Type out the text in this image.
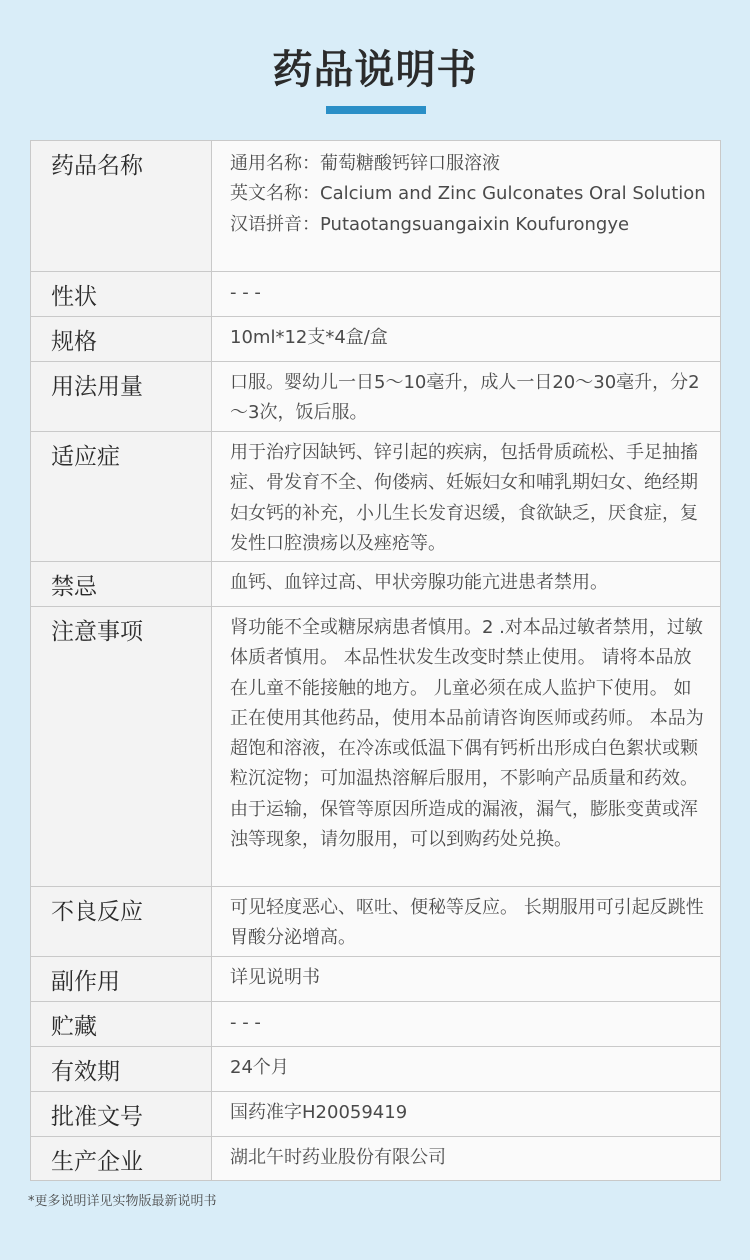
药品说明书
药品名称	通用名称：葡萄糖酸钙锌口服溶液
英文名称：Calcium and Zinc Gulconates Oral Solution
汉语拼音：Putaotangsuangaixin Koufurongye
性状	- - -
规格	10ml*12支*4盒/盒
用法用量	口服。婴幼儿一日5～10毫升，成人一日20～30毫升，分2～3次，饭后服。
适应症	用于治疗因缺钙、锌引起的疾病，包括骨质疏松、手足抽搐症、骨发育不全、佝偻病、妊娠妇女和哺乳期妇女、绝经期妇女钙的补充，小儿生长发育迟缓，食欲缺乏，厌食症，复发性口腔溃疡以及痤疮等。
禁忌	血钙、血锌过高、甲状旁腺功能亢进患者禁用。
注意事项	肾功能不全或糖尿病患者慎用。2 .对本品过敏者禁用，过敏体质者慎用。 本品性状发生改变时禁止使用。 请将本品放在儿童不能接触的地方。 儿童必须在成人监护下使用。 如正在使用其他药品，使用本品前请咨询医师或药师。 本品为超饱和溶液，在冷冻或低温下偶有钙析出形成白色絮状或颗粒沉淀物；可加温热溶解后服用，不影响产品质量和药效。由于运输，保管等原因所造成的漏液，漏气，膨胀变黄或浑浊等现象，请勿服用，可以到购药处兑换。
不良反应	可见轻度恶心、呕吐、便秘等反应。 长期服用可引起反跳性胃酸分泌增高。
副作用	详见说明书
贮藏	- - -
有效期	24个月
批准文号	国药准字H20059419
生产企业	湖北午时药业股份有限公司
*更多说明详见实物版最新说明书
